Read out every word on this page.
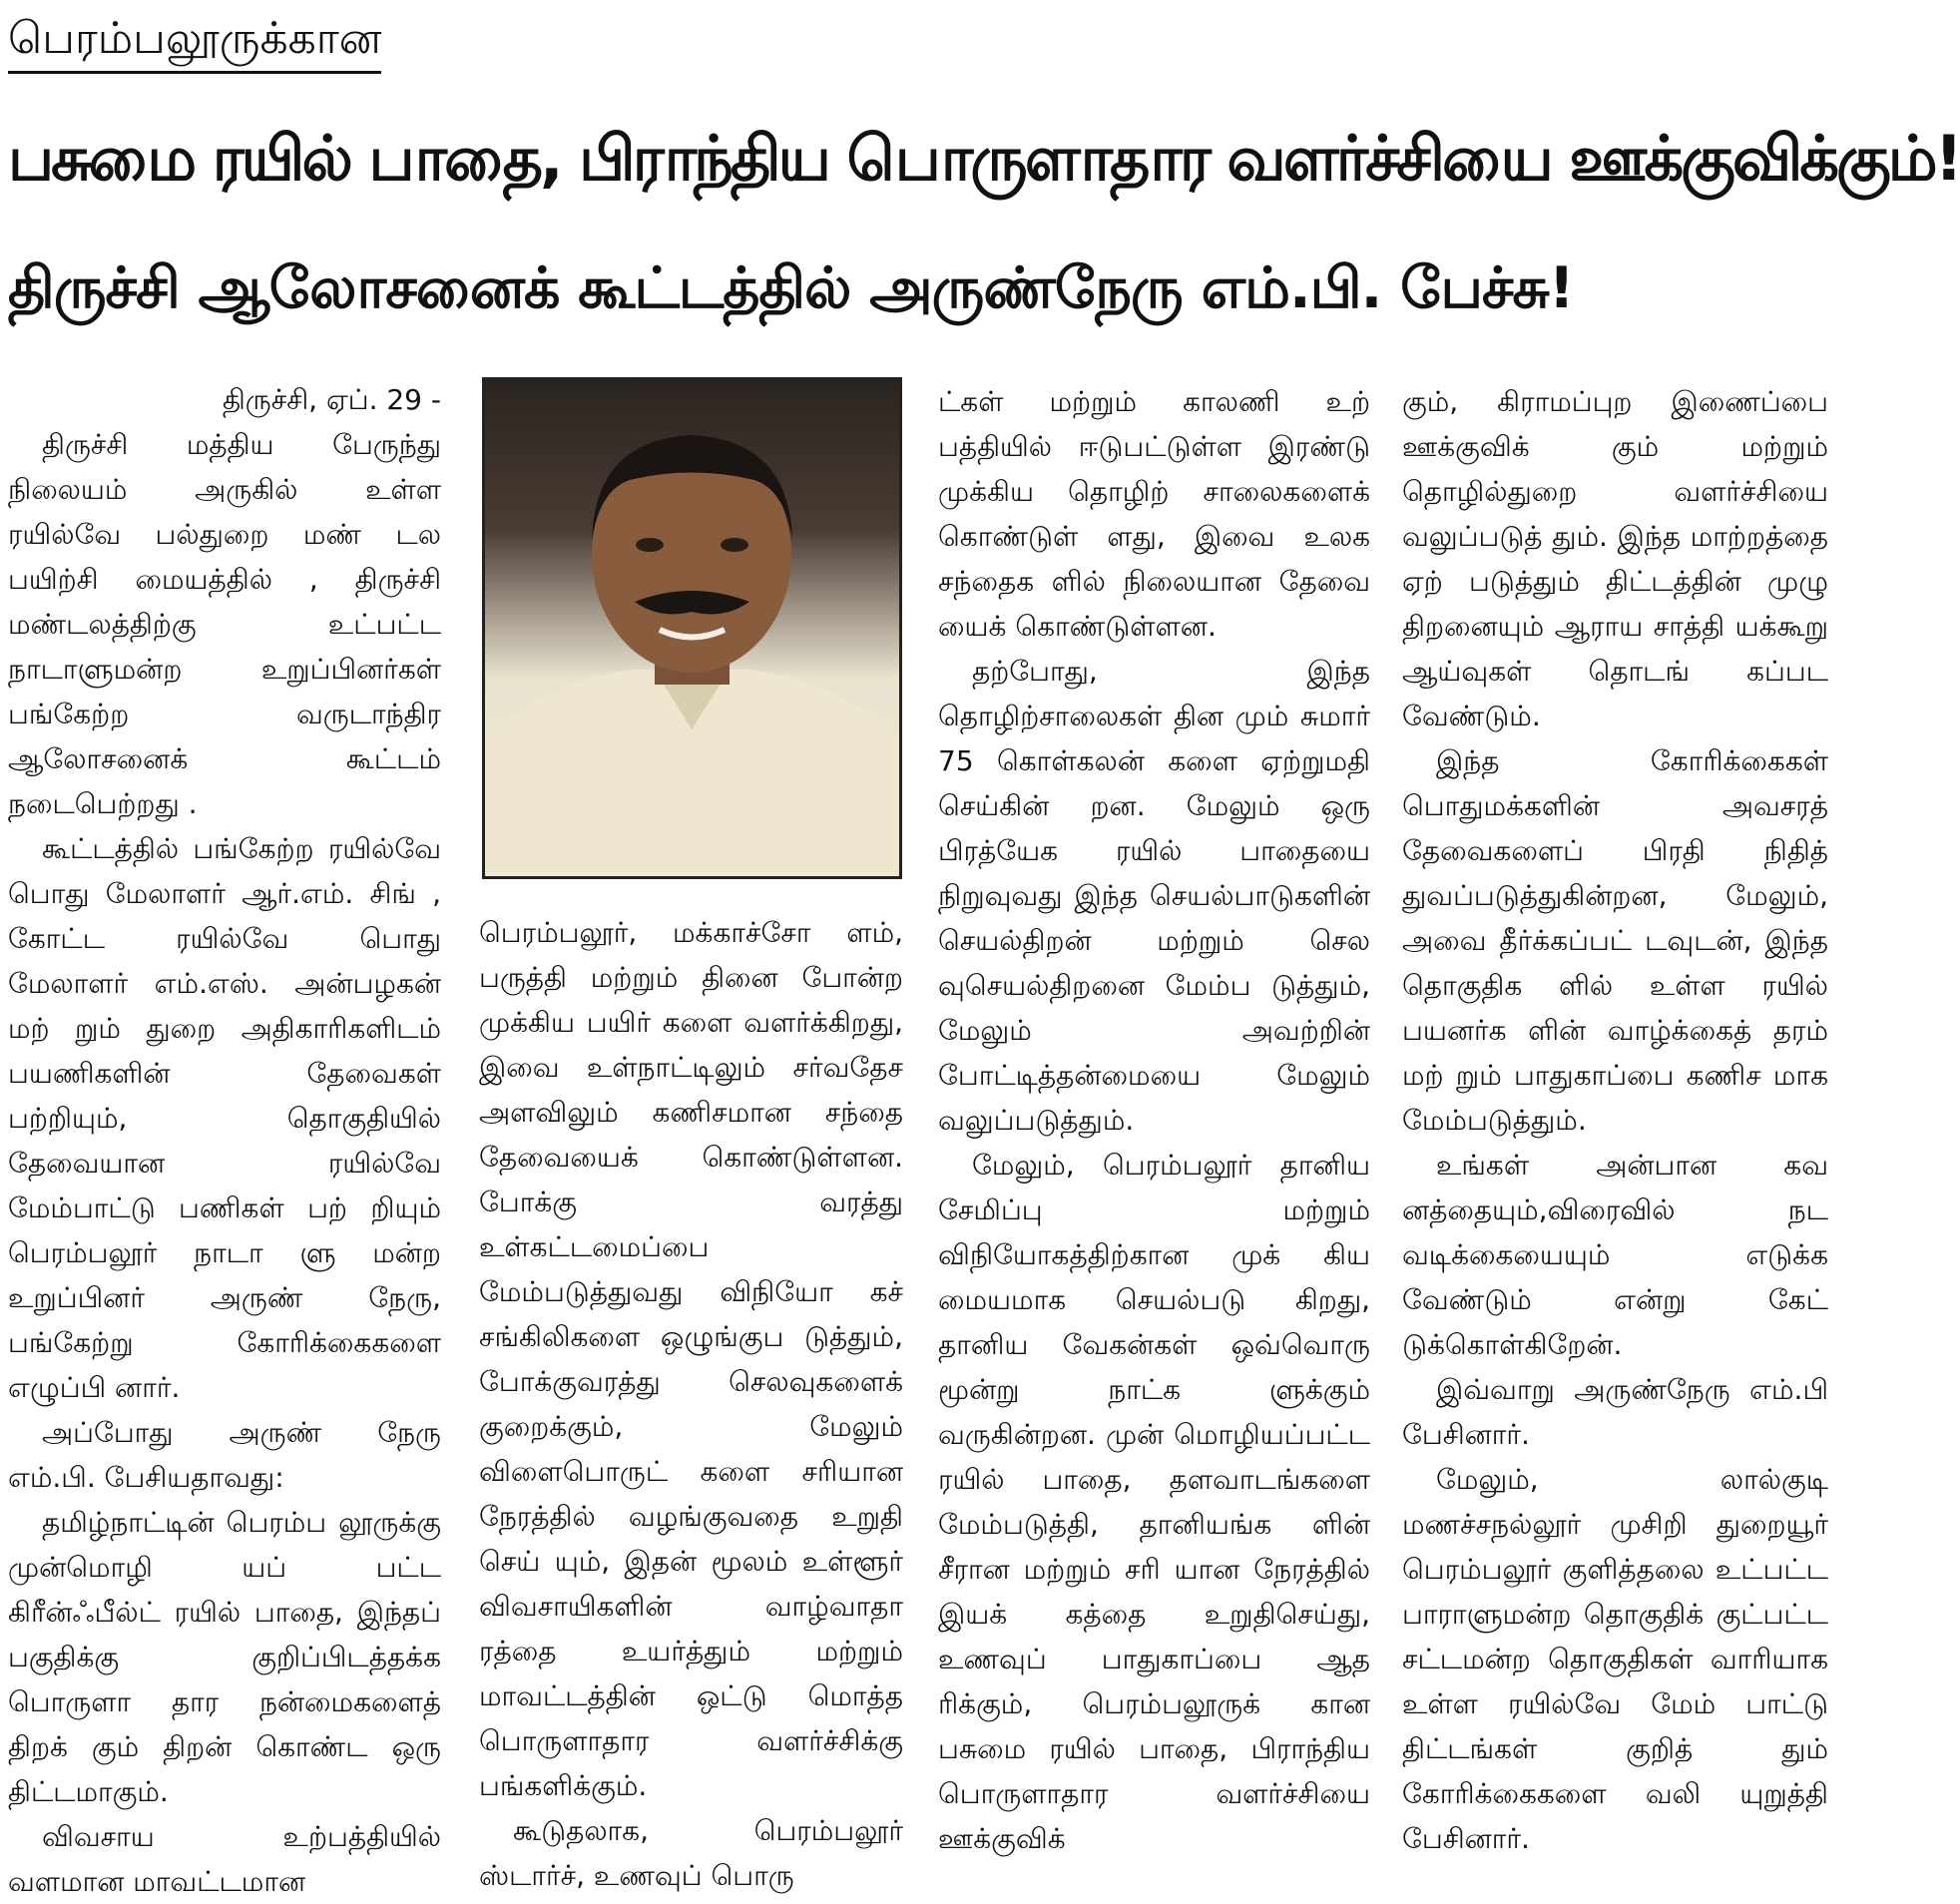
பெரம்பலூருக்கான
பசுமை ரயில் பாதை, பிராந்திய பொருளாதார வளர்ச்சியை ஊக்குவிக்கும்!
திருச்சி ஆலோசனைக் கூட்டத்தில் அருண்நேரு எம்.பி. பேச்சு!

திருச்சி, ஏப். 29 -

திருச்சி மத்திய பேருந்து நிலையம் அருகில் உள்ள ரயில்வே பல்துறை மண் டல பயிற்சி மையத்தில் , திருச்சி மண்டலத்திற்கு உட்பட்ட நாடாளுமன்ற உறுப்பினர்கள் பங்கேற்ற வருடாந்திர ஆலோசனைக் கூட்டம் நடைபெற்றது .

கூட்டத்தில் பங்கேற்ற ரயில்வே பொது மேலாளர் ஆர்.எம். சிங் , கோட்ட ரயில்வே பொது மேலாளர் எம்.எஸ். அன்பழகன் மற் றும் துறை அதிகாரிகளிடம் பயணிகளின் தேவைகள் பற்றியும், தொகுதியில் தேவையான ரயில்வே மேம்பாட்டு பணிகள் பற் றியும் பெரம்பலூர் நாடா ளு மன்ற உறுப்பினர் அருண் நேரு, பங்கேற்று கோரிக்கைகளை எழுப்பி னார்.

அப்போது அருண் நேரு எம்.பி. பேசியதாவது:

தமிழ்நாட்டின் பெரம்ப லூருக்கு முன்மொழி யப் பட்ட கிரீன்ஃபீல்ட் ரயில் பாதை, இந்தப் பகுதிக்கு குறிப்பிடத்தக்க பொருளா தார நன்மைகளைத் திறக் கும் திறன் கொண்ட ஒரு திட்டமாகும்.

விவசாய உற்பத்தியில் வளமான மாவட்டமான

பெரம்பலூர், மக்காச்சோ ளம், பருத்தி மற்றும் தினை போன்ற முக்கிய பயிர் களை வளர்க்கிறது, இவை உள்நாட்டிலும் சர்வதேச அளவிலும் கணிசமான சந்தை தேவையைக் கொண்டுள்ளன. போக்கு வரத்து உள்கட்டமைப்பை மேம்படுத்துவது விநியோ கச் சங்கிலிகளை ஒழுங்குப டுத்தும், போக்குவரத்து செலவுகளைக் குறைக்கும், மேலும் விளைபொருட் களை சரியான நேரத்தில் வழங்குவதை உறுதி செய் யும், இதன் மூலம் உள்ளூர் விவசாயிகளின் வாழ்வாதா ரத்தை உயர்த்தும் மற்றும் மாவட்டத்தின் ஒட்டு மொத்த பொருளாதார வளர்ச்சிக்கு பங்களிக்கும்.

கூடுதலாக, பெரம்பலூர் ஸ்டார்ச், உணவுப் பொரு

ட்கள் மற்றும் காலணி உற் பத்தியில் ஈடுபட்டுள்ள இரண்டு முக்கிய தொழிற் சாலைகளைக் கொண்டுள் ளது, இவை உலக சந்தைக ளில் நிலையான தேவை யைக் கொண்டுள்ளன.

தற்போது, இந்த தொழிற்சாலைகள் தின மும் சுமார் 75 கொள்கலன் களை ஏற்றுமதி செய்கின் றன. மேலும் ஒரு பிரத்யேக ரயில் பாதையை நிறுவுவது இந்த செயல்பாடுகளின் செயல்திறன் மற்றும் செல வுசெயல்திறனை மேம்ப டுத்தும், மேலும் அவற்றின் போட்டித்தன்மையை மேலும் வலுப்படுத்தும்.

மேலும், பெரம்பலூர் தானிய சேமிப்பு மற்றும் விநியோகத்திற்கான முக் கிய மையமாக செயல்படு கிறது, தானிய வேகன்கள் ஒவ்வொரு மூன்று நாட்க ளுக்கும் வருகின்றன. முன் மொழியப்பட்ட ரயில் பாதை, தளவாடங்களை மேம்படுத்தி, தானியங்க ளின் சீரான மற்றும் சரி யான நேரத்தில் இயக் கத்தை உறுதிசெய்து, உணவுப் பாதுகாப்பை ஆத ரிக்கும், பெரம்பலூருக் கான பசுமை ரயில் பாதை, பிராந்திய பொருளாதார வளர்ச்சியை ஊக்குவிக்

கும், கிராமப்புற இணைப்பை ஊக்குவிக் கும் மற்றும் தொழில்துறை வளர்ச்சியை வலுப்படுத் தும். இந்த மாற்றத்தை ஏற் படுத்தும் திட்டத்தின் முழு திறனையும் ஆராய சாத்தி யக்கூறு ஆய்வுகள் தொடங் கப்பட வேண்டும்.

இந்த கோரிக்கைகள் பொதுமக்களின் அவசரத் தேவைகளைப் பிரதி நிதித் துவப்படுத்துகின்றன, மேலும், அவை தீர்க்கப்பட் டவுடன், இந்த தொகுதிக ளில் உள்ள ரயில் பயனர்க ளின் வாழ்க்கைத் தரம் மற் றும் பாதுகாப்பை கணிச மாக மேம்படுத்தும்.

உங்கள் அன்பான கவ னத்தையும்,விரைவில் நட வடிக்கையையும் எடுக்க வேண்டும் என்று கேட் டுக்கொள்கிறேன்.

இவ்வாறு அருண்நேரு எம்.பி பேசினார்.

மேலும், லால்குடி மணச்சநல்லூர் முசிறி துறையூர் பெரம்பலூர் குளித்தலை உட்பட்ட பாராளுமன்ற தொகுதிக் குட்பட்ட சட்டமன்ற தொகுதிகள் வாரியாக உள்ள ரயில்வே மேம் பாட்டு திட்டங்கள் குறித் தும் கோரிக்கைகளை வலி யுறுத்தி பேசினார்.
